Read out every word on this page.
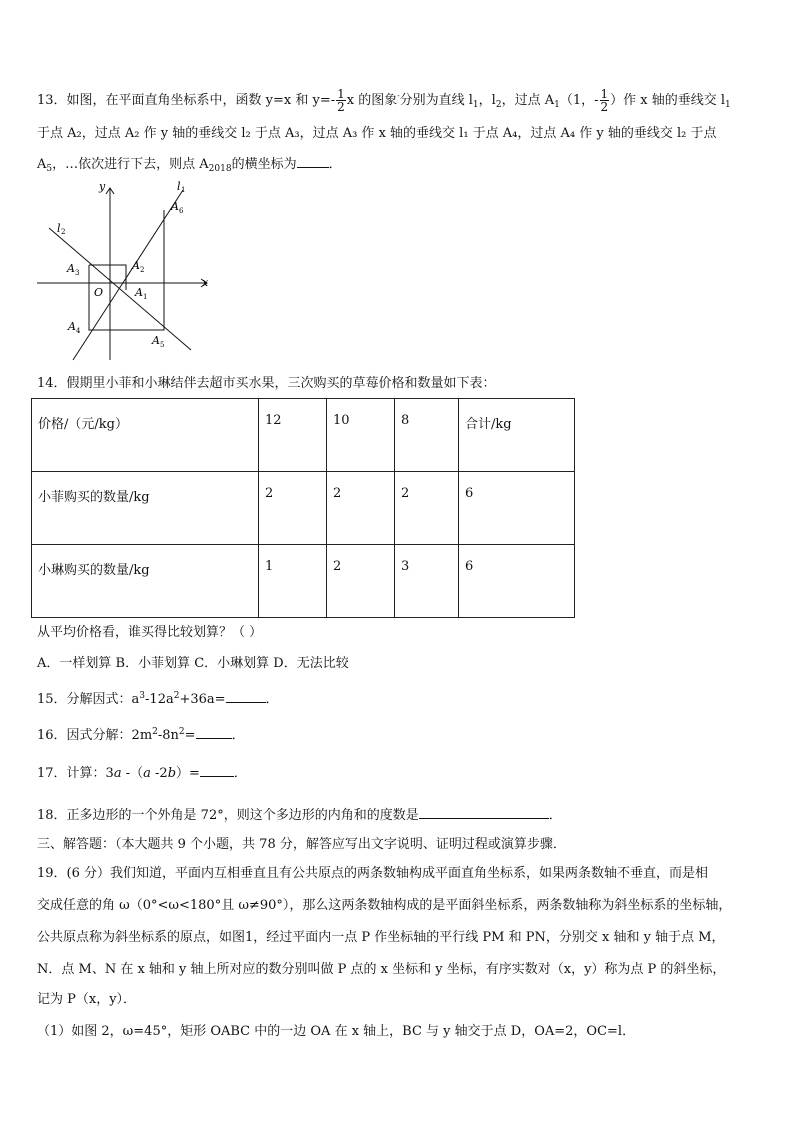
13．如图，在平面直角坐标系中，函数 y=x 和 $y=- \frac{1}{2}$ x 的图象-分别为直线 $l_1$，$l_2$，过点 $A_1(1$，- $\frac{1}{2}$ ）作 x 轴的垂线交 $l_1$
于点 A₂，过点 A₂ 作 y 轴的垂线交 l₂ 于点 A₃，过点 A₃ 作 x 轴的垂线交 l₁ 于点 A₄，过点 A₄ 作 y 轴的垂线交 l₂ 于点
$A_5$，…依次进行下去，则点 $A_{2018}$的横坐标为 ．
y
x
O
l 1
l 2
A 1
A 2
A 3
A 4
A 5
A 6
14．假期里小菲和小琳结伴去超市买水果，三次购买的草莓价格和数量如下表：
价格/（元/kg）	12	10	8	合计/kg
小菲购买的数量/kg	2	2	2	6
小琳购买的数量/kg	1	2	3	6
从平均价格看，谁买得比较划算？（ ）
A．一样划算 B．小菲划算 C．小琳划算 D．无法比较
15．分解因式：$a^3-12a^2+36a=$	．
16．因式分解：$2m^2-8n^2=$	．
17．计算：3a -（a -2b）=	．
18．正多边形的一个外角是 72°，则这个多边形的内角和的度数是	．
三、解答题：（本大题共 9 个小题，共 78 分，解答应写出文字说明、证明过程或演算步骤．
19．(6 分）我们知道，平面内互相垂直且有公共原点的两条数轴构成平面直角坐标系，如果两条数轴不垂直，而是相
交成任意的角 ω（0°<ω<180°且 ω≠90°），那么这两条数轴构成的是平面斜坐标系，两条数轴称为斜坐标系的坐标轴，
公共原点称为斜坐标系的原点，如图1，经过平面内一点 P 作坐标轴的平行线 PM 和 PN，分别交 x 轴和 y 轴于点 M，
N．点 M、N 在 x 轴和 y 轴上所对应的数分别叫做 P 点的 x 坐标和 y 坐标，有序实数对（x，y）称为点 P 的斜坐标，
记为 P（x，y）．
（1）如图 2，ω=45°，矩形 OABC 中的一边 OA 在 x 轴上，BC 与 y 轴交于点 D，OA=2，OC=l．
